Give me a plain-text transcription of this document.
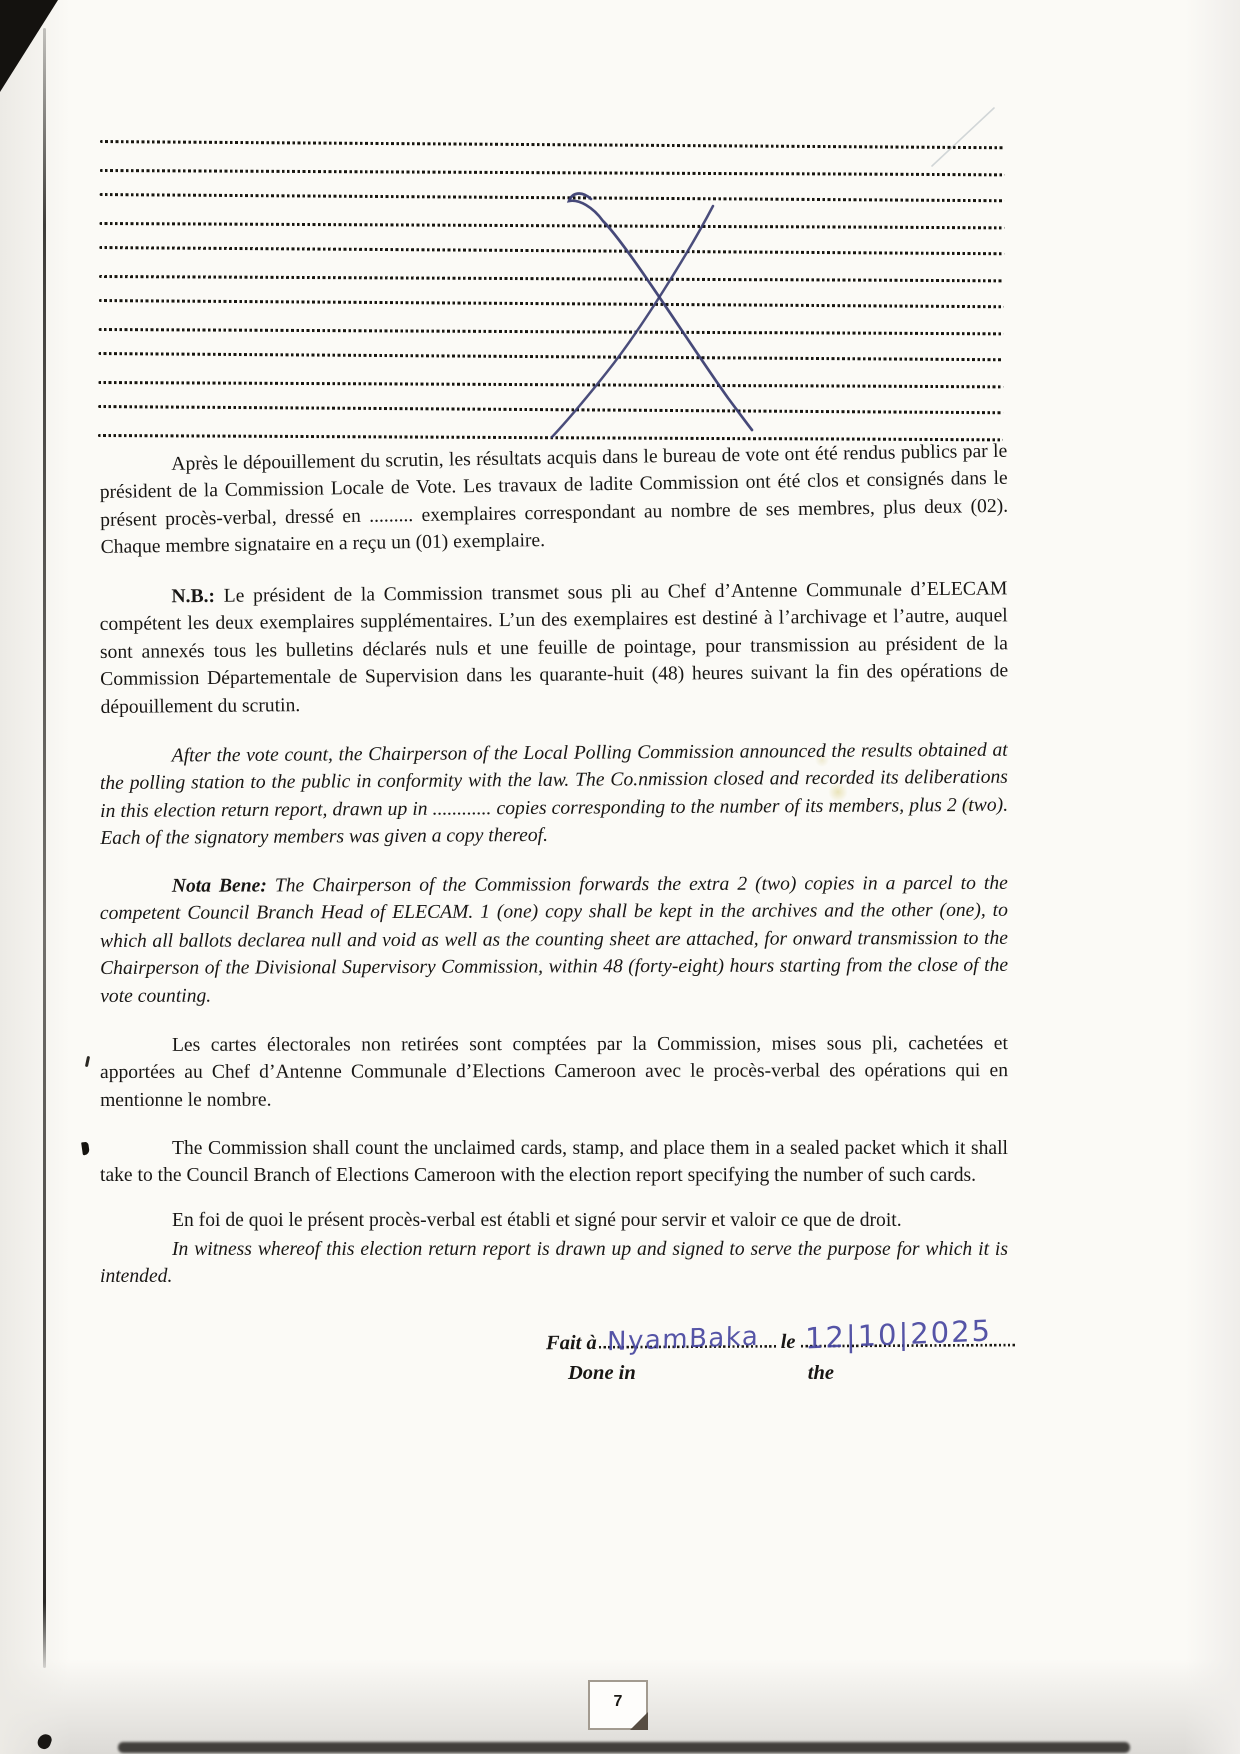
Après le dépouillement du scrutin, les résultats acquis dans le bureau de vote ont été rendus publics par le président de la Commission Locale de Vote. Les travaux de ladite Commission ont été clos et consignés dans le présent procès-verbal, dressé en ......... exemplaires correspondant au nombre de ses membres, plus deux (02). Chaque membre signataire en a reçu un (01) exemplaire.

N.B.: Le président de la Commission transmet sous pli au Chef d’Antenne Communale d’ELECAM compétent les deux exemplaires supplémentaires. L’un des exemplaires est destiné à l’archivage et l’autre, auquel sont annexés tous les bulletins déclarés nuls et une feuille de pointage, pour transmission au président de la Commission Départementale de Supervision dans les quarante-huit (48) heures suivant la fin des opérations de dépouillement du scrutin.

After the vote count, the Chairperson of the Local Polling Commission announced the results obtained at the polling station to the public in conformity with the law. The Co.nmission closed and recorded its deliberations in this election return report, drawn up in ............ copies corresponding to the number of its members, plus 2 (two). Each of the signatory members was given a copy thereof.

Nota Bene: The Chairperson of the Commission forwards the extra 2 (two) copies in a parcel to the competent Council Branch Head of ELECAM. 1 (one) copy shall be kept in the archives and the other (one), to which all ballots declarea null and void as well as the counting sheet are attached, for onward transmission to the Chairperson of the Divisional Supervisory Commission, within 48 (forty-eight) hours starting from the close of the vote counting.

Les cartes électorales non retirées sont comptées par la Commission, mises sous pli, cachetées et apportées au Chef d’Antenne Communale d’Elections Cameroon avec le procès-verbal des opérations qui en mentionne le nombre.

The Commission shall count the unclaimed cards, stamp, and place them in a sealed packet which it shall take to the Council Branch of Elections Cameroon with the election report specifying the number of such cards.

En foi de quoi le présent procès-verbal est établi et signé pour servir et valoir ce que de droit.

In witness whereof this election return report is drawn up and signed to serve the purpose for which it is intended.

Fait à NyamBaka le 12|10|2025
Done in	the
7
